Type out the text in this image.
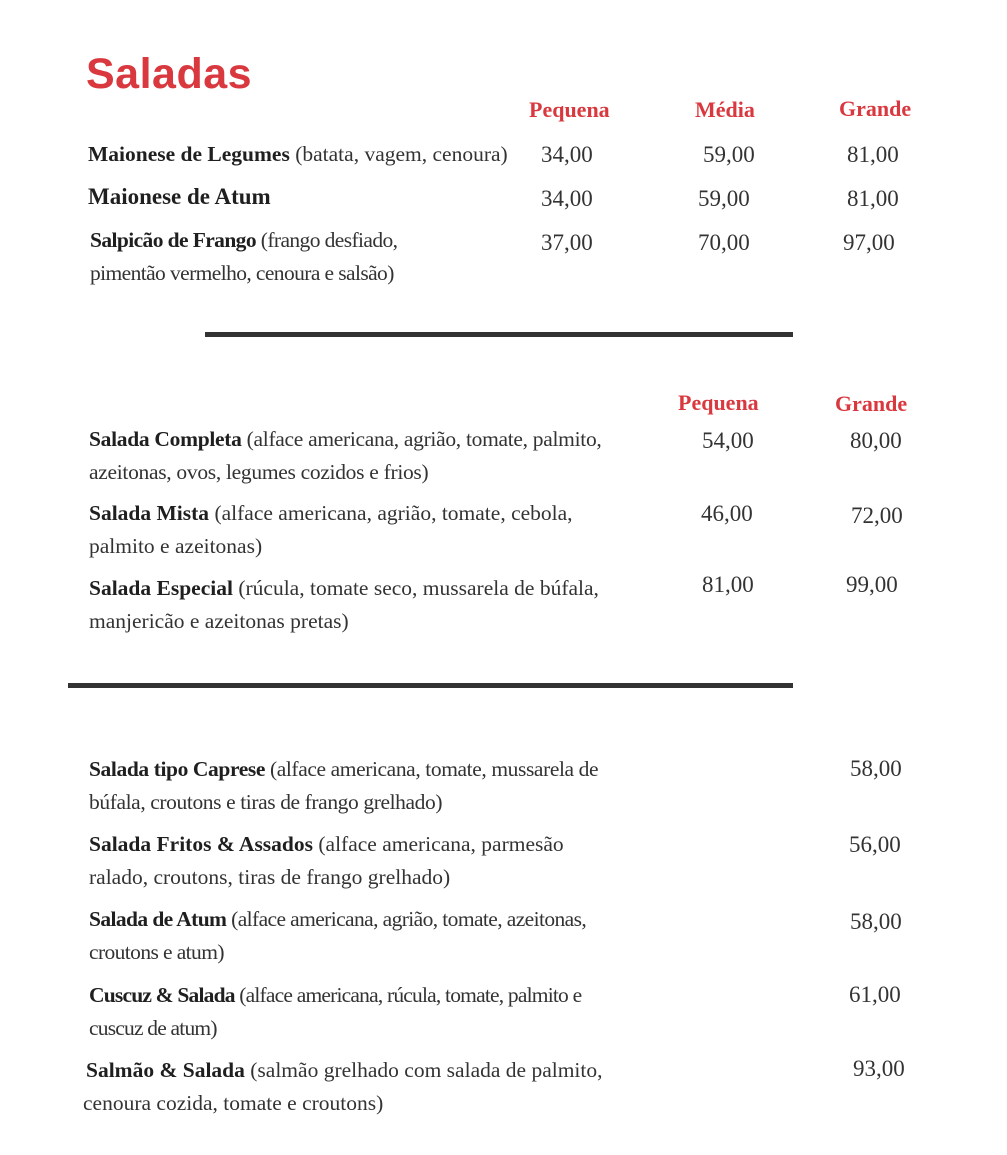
Saladas
Pequena	Média	Grande
Maionese de Legumes (batata, vagem, cenoura) 34,00	59,00	81,00
Maionese de Atum	34,00	59,00	81,00
Salpicão de Frango (frango desfiado,
pimentão vermelho, cenoura e salsão)
37,00	70,00	97,00
Pequena	Grande
Salada Completa (alface americana, agrião, tomate, palmito,
azeitonas, ovos, legumes cozidos e frios)
54,00	80,00
Salada Mista (alface americana, agrião, tomate, cebola,
palmito e azeitonas)
46,00	72,00
Salada Especial (rúcula, tomate seco, mussarela de búfala,
manjericão e azeitonas pretas)
81,00	99,00
Salada tipo Caprese (alface americana, tomate, mussarela de
búfala, croutons e tiras de frango grelhado)
58,00
Salada Fritos & Assados (alface americana, parmesão
ralado, croutons, tiras de frango grelhado)
56,00
Salada de Atum (alface americana, agrião, tomate, azeitonas,
croutons e atum)
58,00
Cuscuz & Salada (alface americana, rúcula, tomate, palmito e
cuscuz de atum)
61,00
Salmão & Salada (salmão grelhado com salada de palmito,
cenoura cozida, tomate e croutons)
93,00
